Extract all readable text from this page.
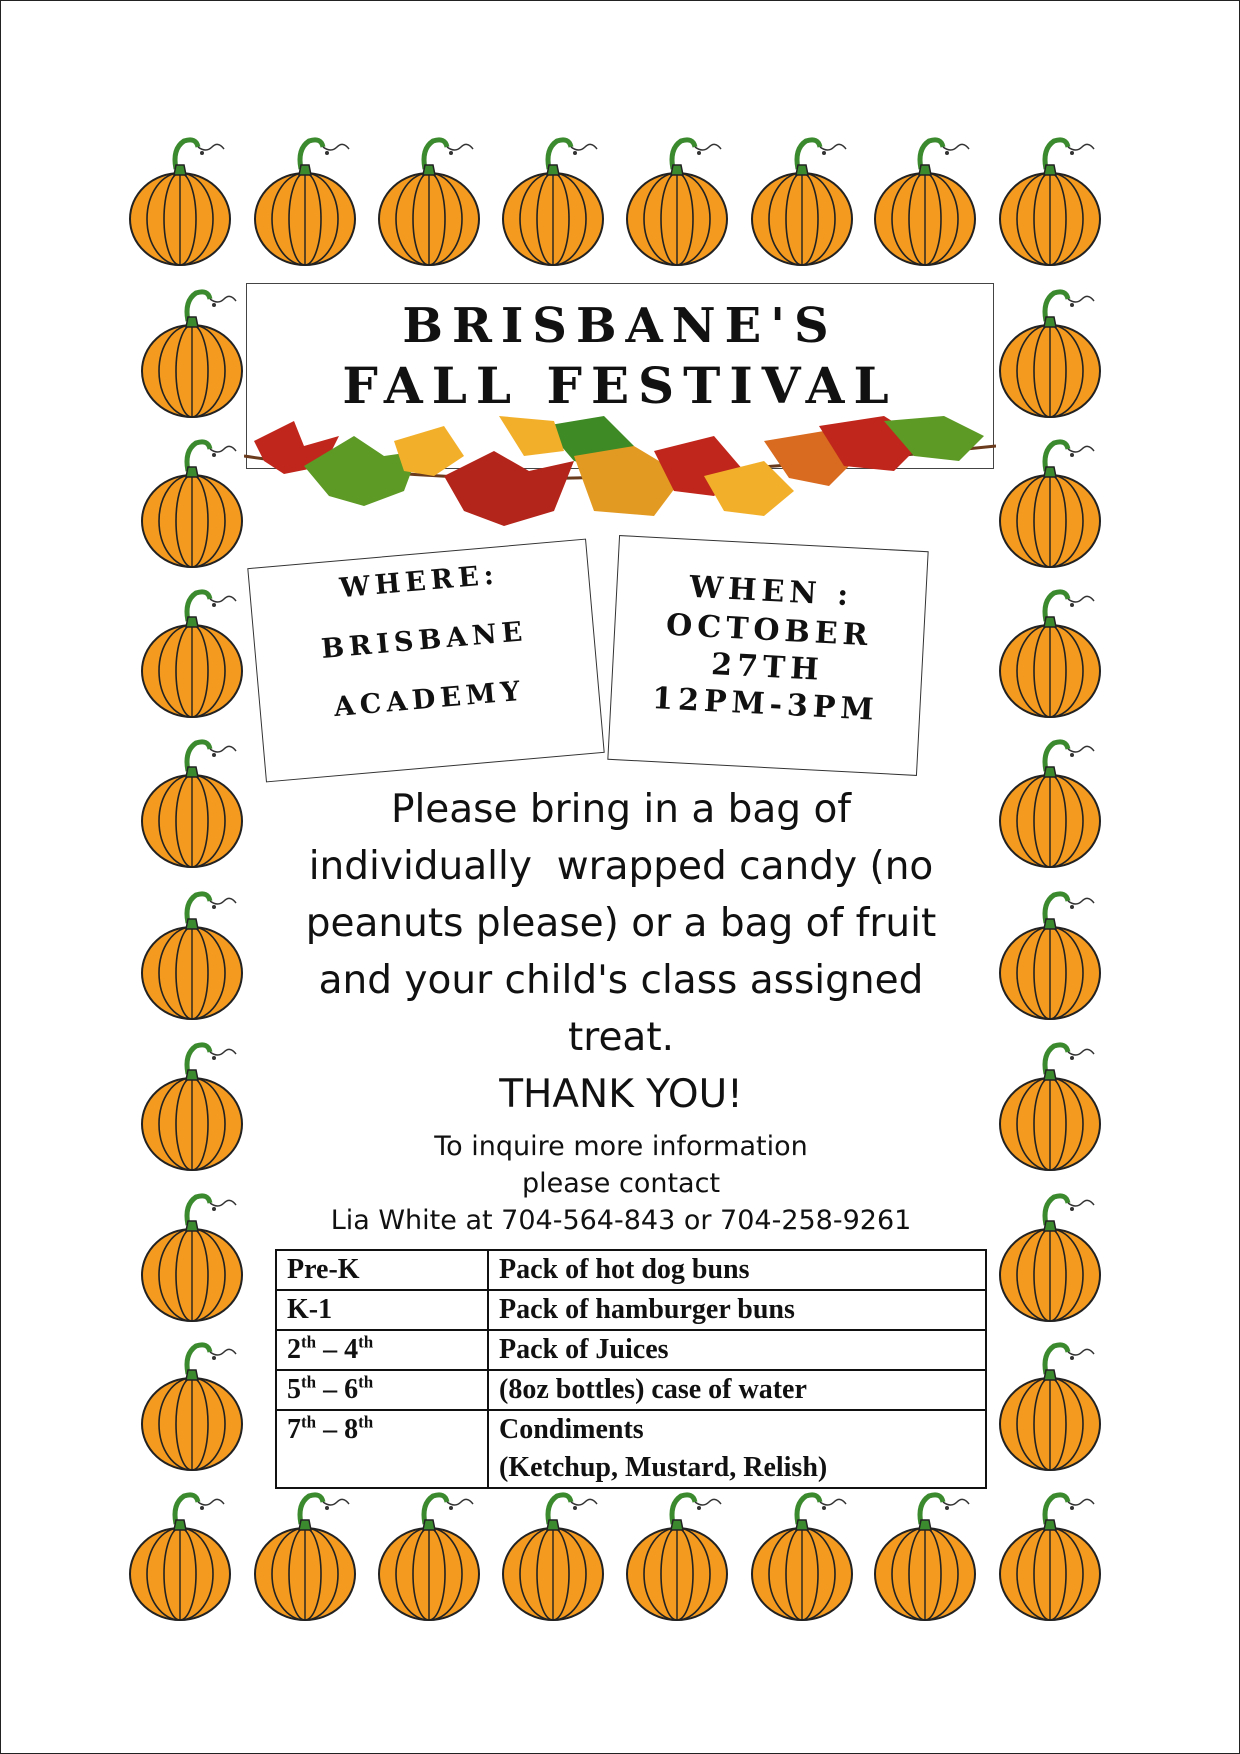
BRISBANE'S
FALL FESTIVAL
WHERE:
BRISBANE
ACADEMY
WHEN :
OCTOBER
27TH
12PM-3PM
Please bring in a bag of
individually  wrapped candy (no
peanuts please) or a bag of fruit
and your child's class assigned
treat.
THANK YOU!
To inquire more information
please contact
Lia White at 704-564-843 or 704-258-9261
Pre-K	Pack of hot dog buns

K-1	Pack of hamburger buns

2th – 4th	Pack of Juices

5th – 6th	(8oz bottles) case of water

7th – 8th	Condiments
(Ketchup, Mustard, Relish)
